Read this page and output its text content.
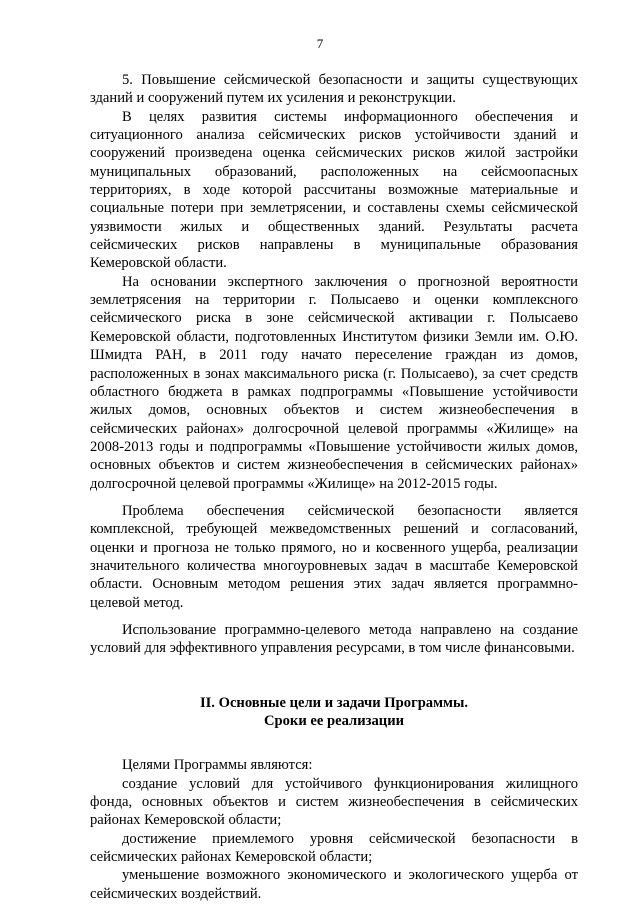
7

5. Повышение сейсмической безопасности и защиты существующих зданий и сооружений путем их усиления и реконструкции.

В целях развития системы информационного обеспечения и ситуационного анализа сейсмических рисков устойчивости зданий и сооружений произведена оценка сейсмических рисков жилой застройки муниципальных образований, расположенных на сейсмоопасных территориях, в ходе которой рассчитаны возможные материальные и социальные потери при землетрясении, и составлены схемы сейсмической уязвимости жилых и общественных зданий. Результаты расчета сейсмических рисков направлены в муниципальные образования Кемеровской области.

На основании экспертного заключения о прогнозной вероятности землетрясения на территории г. Полысаево и оценки комплексного сейсмического риска в зоне сейсмической активации г. Полысаево Кемеровской области, подготовленных Институтом физики Земли им. О.Ю. Шмидта РАН, в 2011 году начато переселение граждан из домов, расположенных в зонах максимального риска (г. Полысаево), за счет средств областного бюджета в рамках подпрограммы «Повышение устойчивости жилых домов, основных объектов и систем жизнеобеспечения в сейсмических районах» долгосрочной целевой программы «Жилище» на 2008-2013 годы и подпрограммы «Повышение устойчивости жилых домов, основных объектов и систем жизнеобеспечения в сейсмических районах» долгосрочной целевой программы «Жилище» на 2012-2015 годы.

Проблема обеспечения сейсмической безопасности является комплексной, требующей межведомственных решений и согласований, оценки и прогноза не только прямого, но и косвенного ущерба, реализации значительного количества многоуровневых задач в масштабе Кемеровской области. Основным методом решения этих задач является программно-целевой метод.

Использование программно-целевого метода направлено на создание условий для эффективного управления ресурсами, в том числе финансовыми.

II. Основные цели и задачи Программы.
Сроки ее реализации

Целями Программы являются:

создание условий для устойчивого функционирования жилищного фонда, основных объектов и систем жизнеобеспечения в сейсмических районах Кемеровской области;

достижение приемлемого уровня сейсмической безопасности в сейсмических районах Кемеровской области;

уменьшение возможного экономического и экологического ущерба от сейсмических воздействий.
